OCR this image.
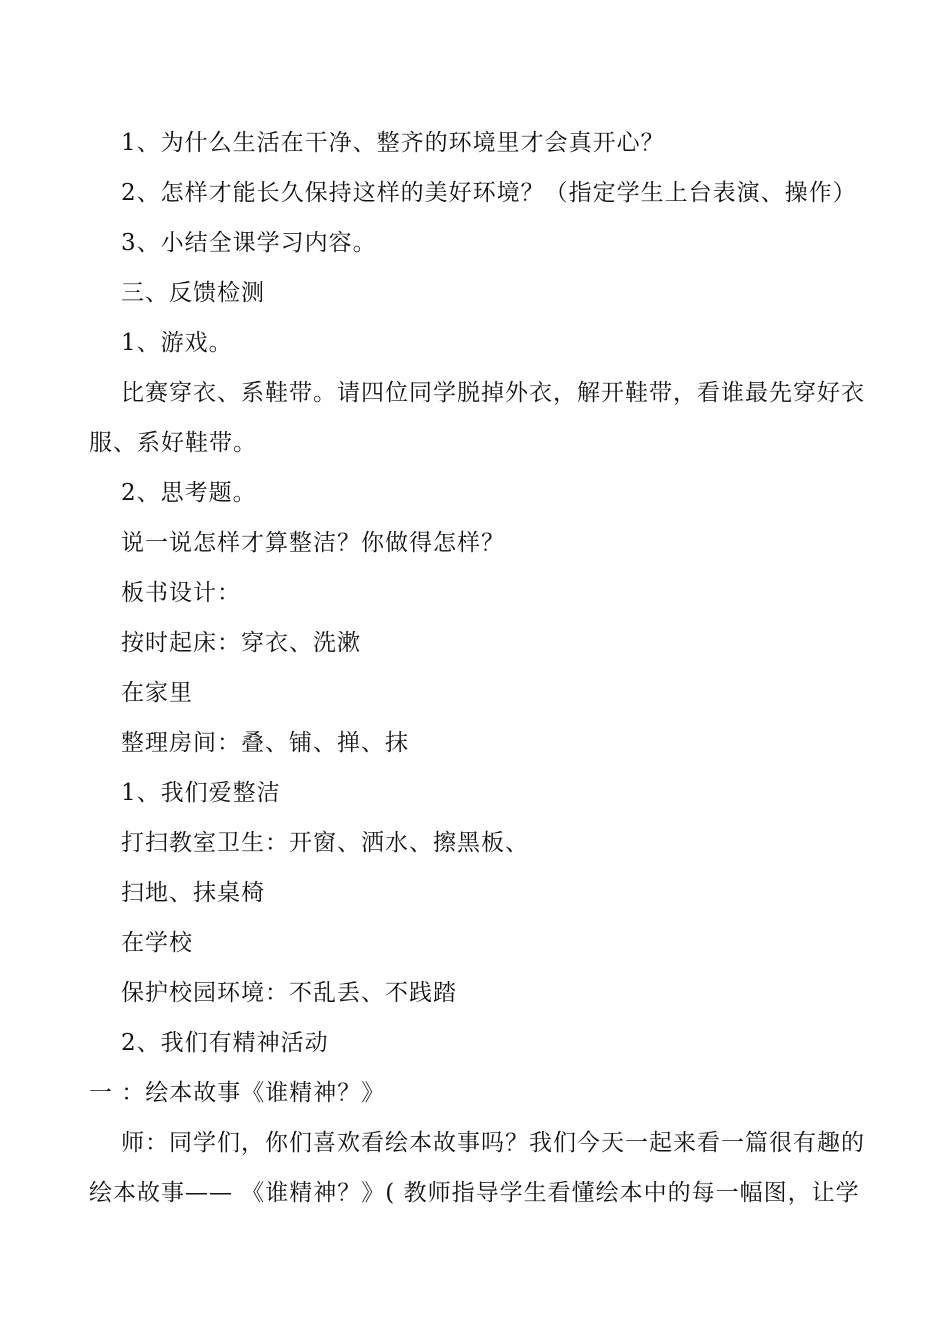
1、为什么生活在干净、整齐的环境里才会真开心？
2、怎样才能长久保持这样的美好环境？（指定学生上台表演、操作）
3、小结全课学习内容。
三、反馈检测
1、游戏。
比赛穿衣、系鞋带。请四位同学脱掉外衣，解开鞋带，看谁最先穿好衣
服、系好鞋带。
2、思考题。
说一说怎样才算整洁？你做得怎样？
板书设计：
按时起床：穿衣、洗漱
在家里
整理房间：叠、铺、掸、抹
1、我们爱整洁
打扫教室卫生：开窗、洒水、擦黑板、
扫地、抹桌椅
在学校
保护校园环境：不乱丢、不践踏
2、我们有精神活动
一 ：绘本故事《谁精神？》
师：同学们，你们喜欢看绘本故事吗？我们今天一起来看一篇很有趣的
绘本故事—— 《谁精神？》( 教师指导学生看懂绘本中的每一幅图，让学
